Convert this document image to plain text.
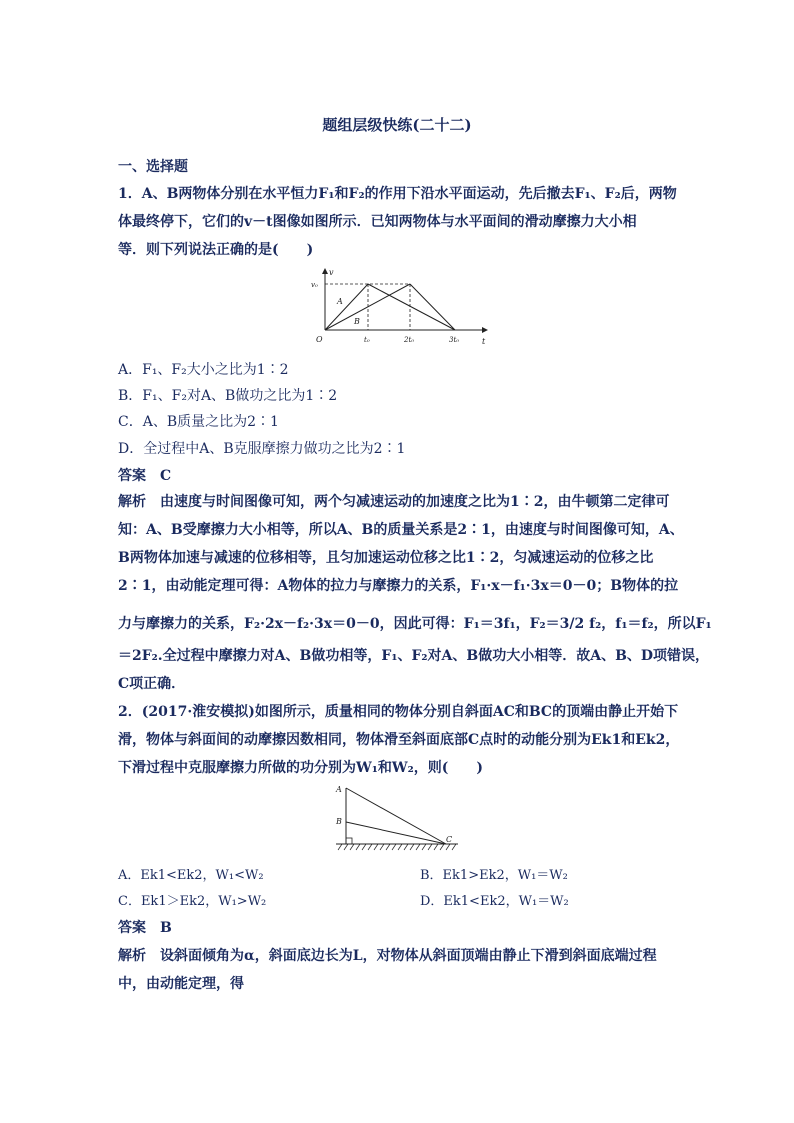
题组层级快练(二十二)
一、选择题
1．A、B两物体分别在水平恒力F₁和F₂的作用下沿水平面运动，先后撤去F₁、F₂后，两物
体最终停下，它们的v－t图像如图所示．已知两物体与水平面间的滑动摩擦力大小相
等．则下列说法正确的是(　　)
v
t
O
v₀
t₀	2t₀	3t₀
A
B
A．F₁、F₂大小之比为1∶2
B．F₁、F₂对A、B做功之比为1∶2
C．A、B质量之比为2∶1
D．全过程中A、B克服摩擦力做功之比为2∶1
答案　C
解析　由速度与时间图像可知，两个匀减速运动的加速度之比为1∶2，由牛顿第二定律可
知：A、B受摩擦力大小相等，所以A、B的质量关系是2∶1，由速度与时间图像可知，A、
B两物体加速与减速的位移相等，且匀加速运动位移之比1∶2，匀减速运动的位移之比
2∶1，由动能定理可得：A物体的拉力与摩擦力的关系，F₁·x－f₁·3x＝0－0；B物体的拉
力与摩擦力的关系，F₂·2x－f₂·3x＝0－0，因此可得：F₁＝3f₁，F₂＝3/2 f₂，f₁＝f₂，所以F₁
＝2F₂.全过程中摩擦力对A、B做功相等，F₁、F₂对A、B做功大小相等．故A、B、D项错误，
C项正确．
2．(2017·淮安模拟)如图所示，质量相同的物体分别自斜面AC和BC的顶端由静止开始下
滑，物体与斜面间的动摩擦因数相同，物体滑至斜面底部C点时的动能分别为Ek1和Ek2，
下滑过程中克服摩擦力所做的功分别为W₁和W₂，则(　　)
A
B
C
A．Ek1<Ek2，W₁<W₂	B．Ek1>Ek2，W₁＝W₂
C．Ek1＞Ek2，W₁>W₂	D．Ek1<Ek2，W₁＝W₂
答案　B
解析　设斜面倾角为α，斜面底边长为L，对物体从斜面顶端由静止下滑到斜面底端过程
中，由动能定理，得
